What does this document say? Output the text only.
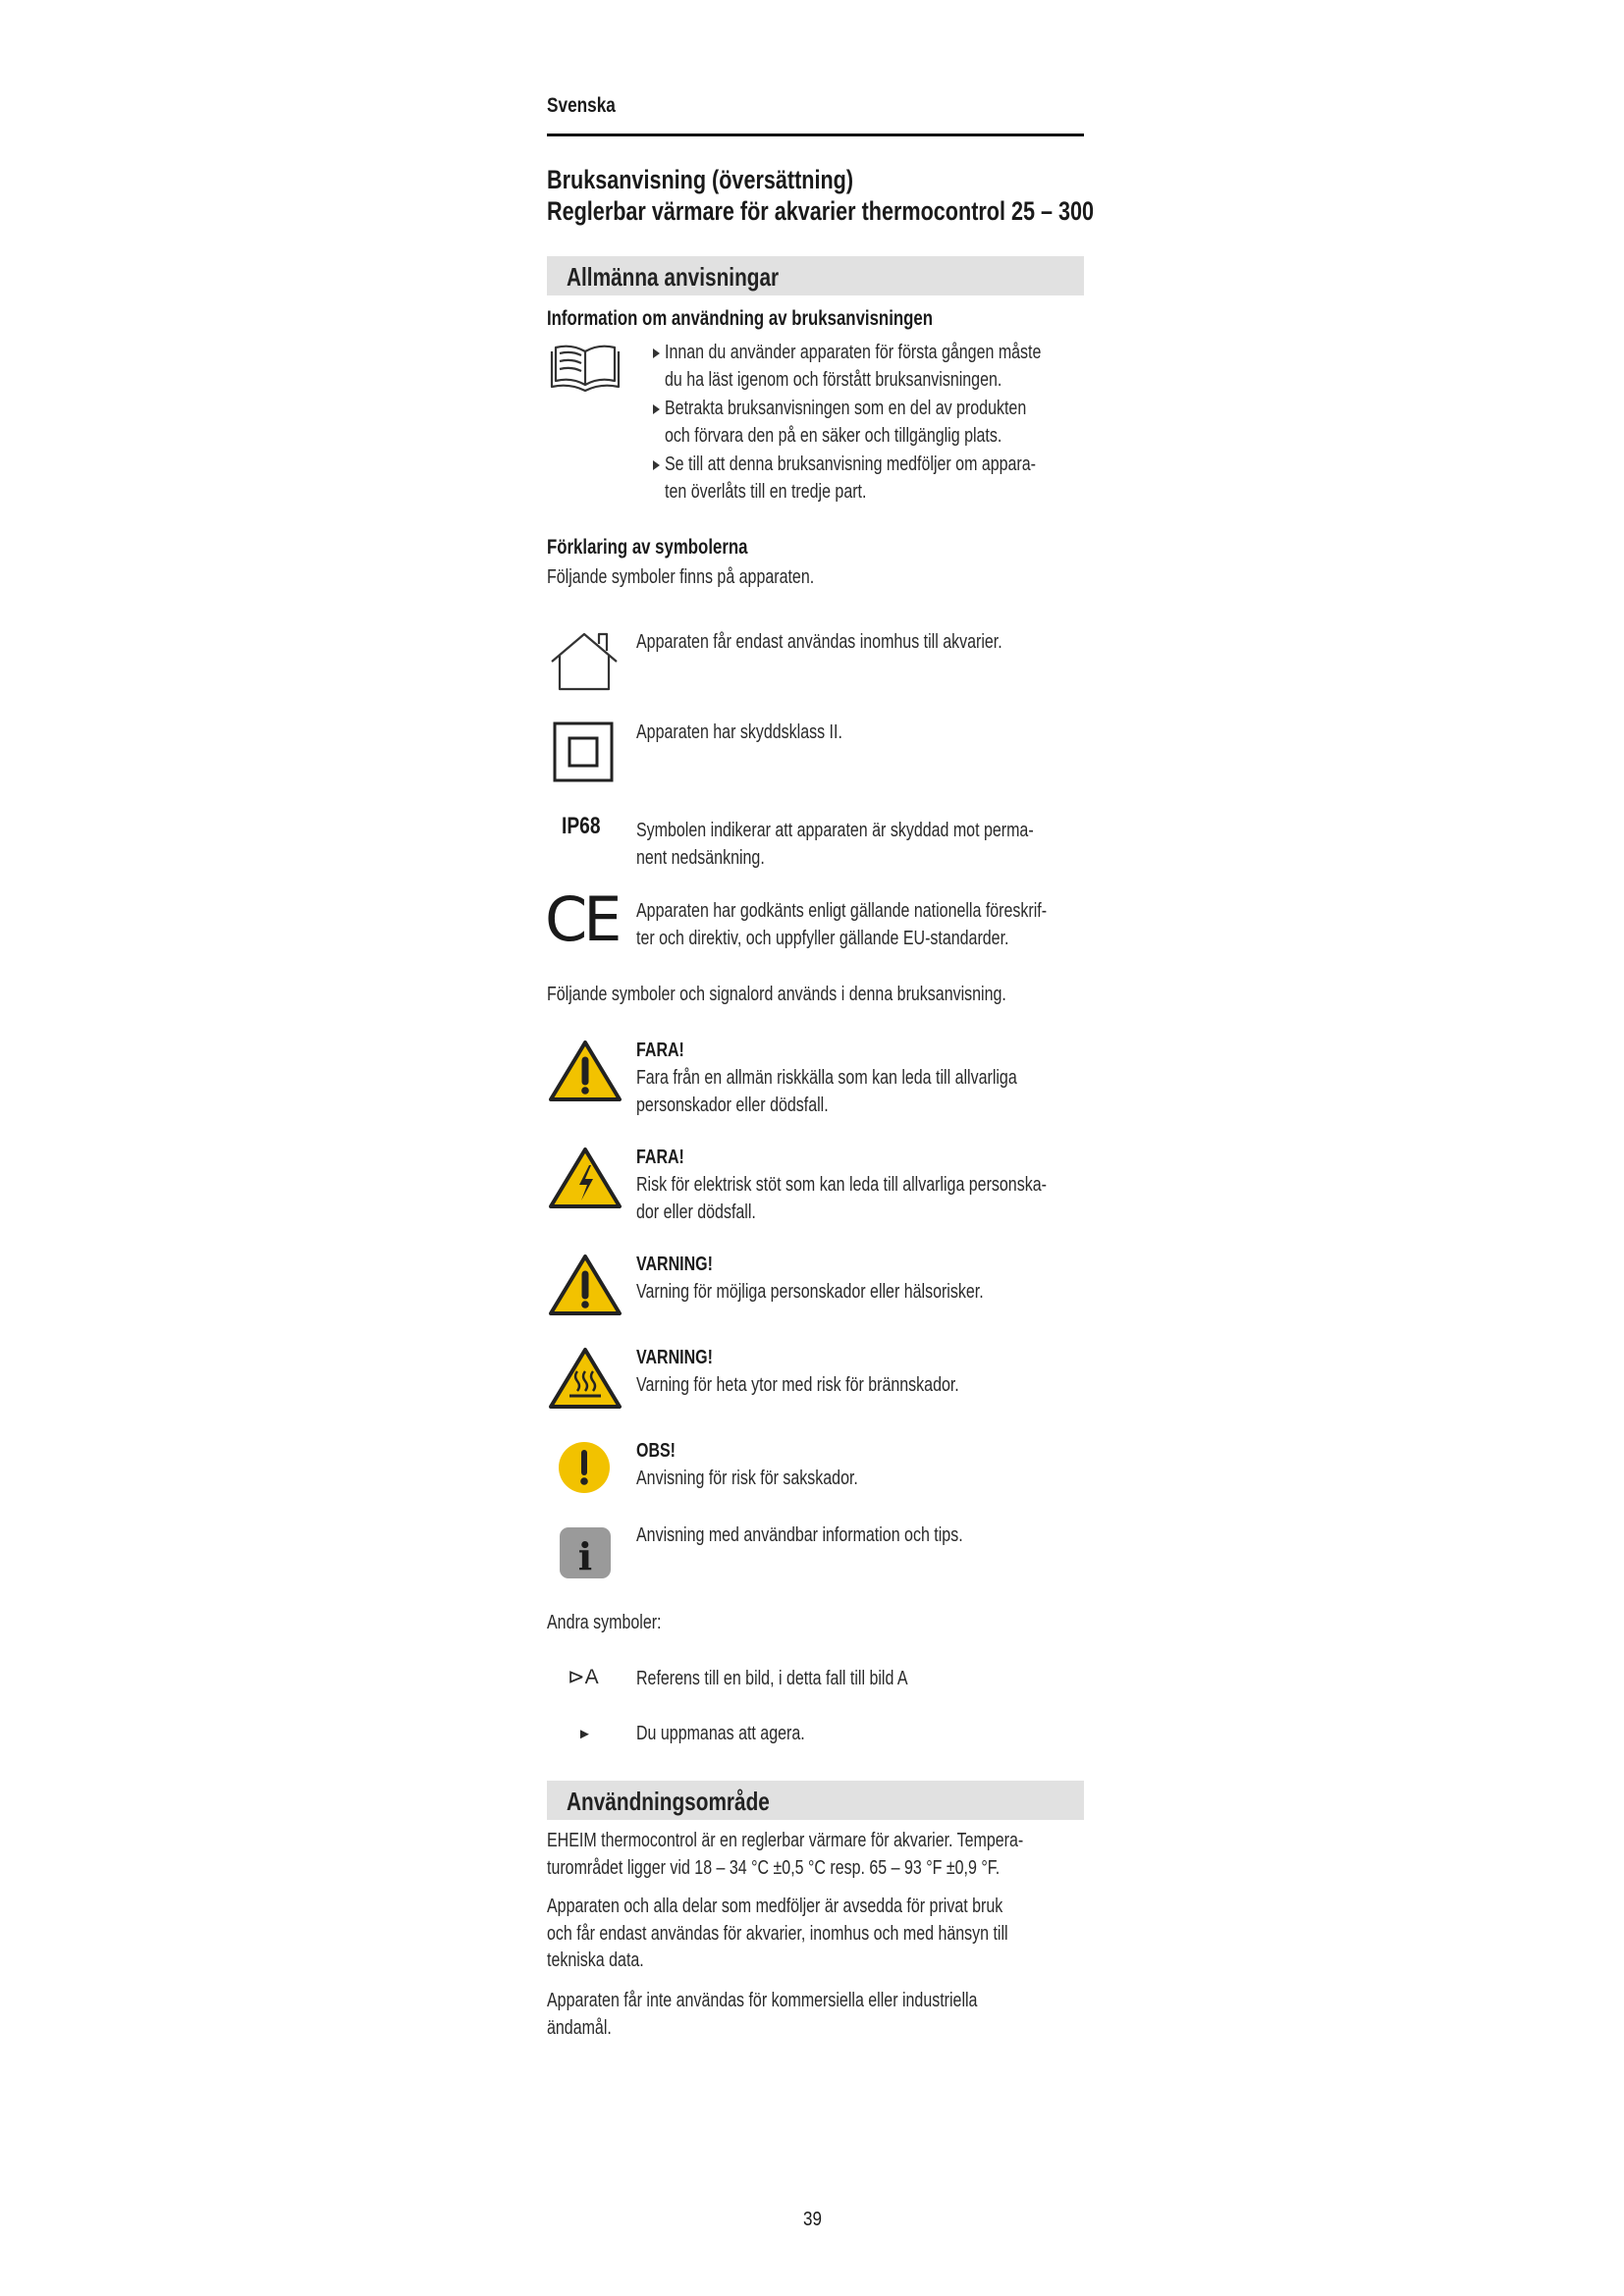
Svenska
Bruksanvisning (översättning)
Reglerbar värmare för akvarier thermocontrol 25 – 300
Allmänna anvisningar
Information om användning av bruksanvisningen
Innan du använder apparaten för första gången måste
du ha läst igenom och förstått bruksanvisningen.
Betrakta bruksanvisningen som en del av produkten
och förvara den på en säker och tillgänglig plats.
Se till att denna bruksanvisning medföljer om appara-
ten överlåts till en tredje part.
Förklaring av symbolerna
Följande symboler finns på apparaten.
Apparaten får endast användas inomhus till akvarier.
Apparaten har skyddsklass II.
IP68	Symbolen indikerar att apparaten är skyddad mot perma-
nent nedsänkning.
CE Apparaten har godkänts enligt gällande nationella föreskrif-
ter och direktiv, och uppfyller gällande EU-standarder.
Följande symboler och signalord används i denna bruksanvisning.
FARA!
Fara från en allmän riskkälla som kan leda till allvarliga
personskador eller dödsfall.
FARA!
Risk för elektrisk stöt som kan leda till allvarliga personska-
dor eller dödsfall.
VARNING!
Varning för möjliga personskador eller hälsorisker.
VARNING!
Varning för heta ytor med risk för brännskador.
OBS!
Anvisning för risk för sakskador.
i Anvisning med användbar information och tips.
Andra symboler:
⊳A Referens till en bild, i detta fall till bild A
► Du uppmanas att agera.
Användningsområde
EHEIM thermocontrol är en reglerbar värmare för akvarier. Tempera-
turområdet ligger vid 18 – 34 °C ±0,5 °C resp. 65 – 93 °F ±0,9 °F.
Apparaten och alla delar som medföljer är avsedda för privat bruk
och får endast användas för akvarier, inomhus och med hänsyn till
tekniska data.
Apparaten får inte användas för kommersiella eller industriella
ändamål.
39
